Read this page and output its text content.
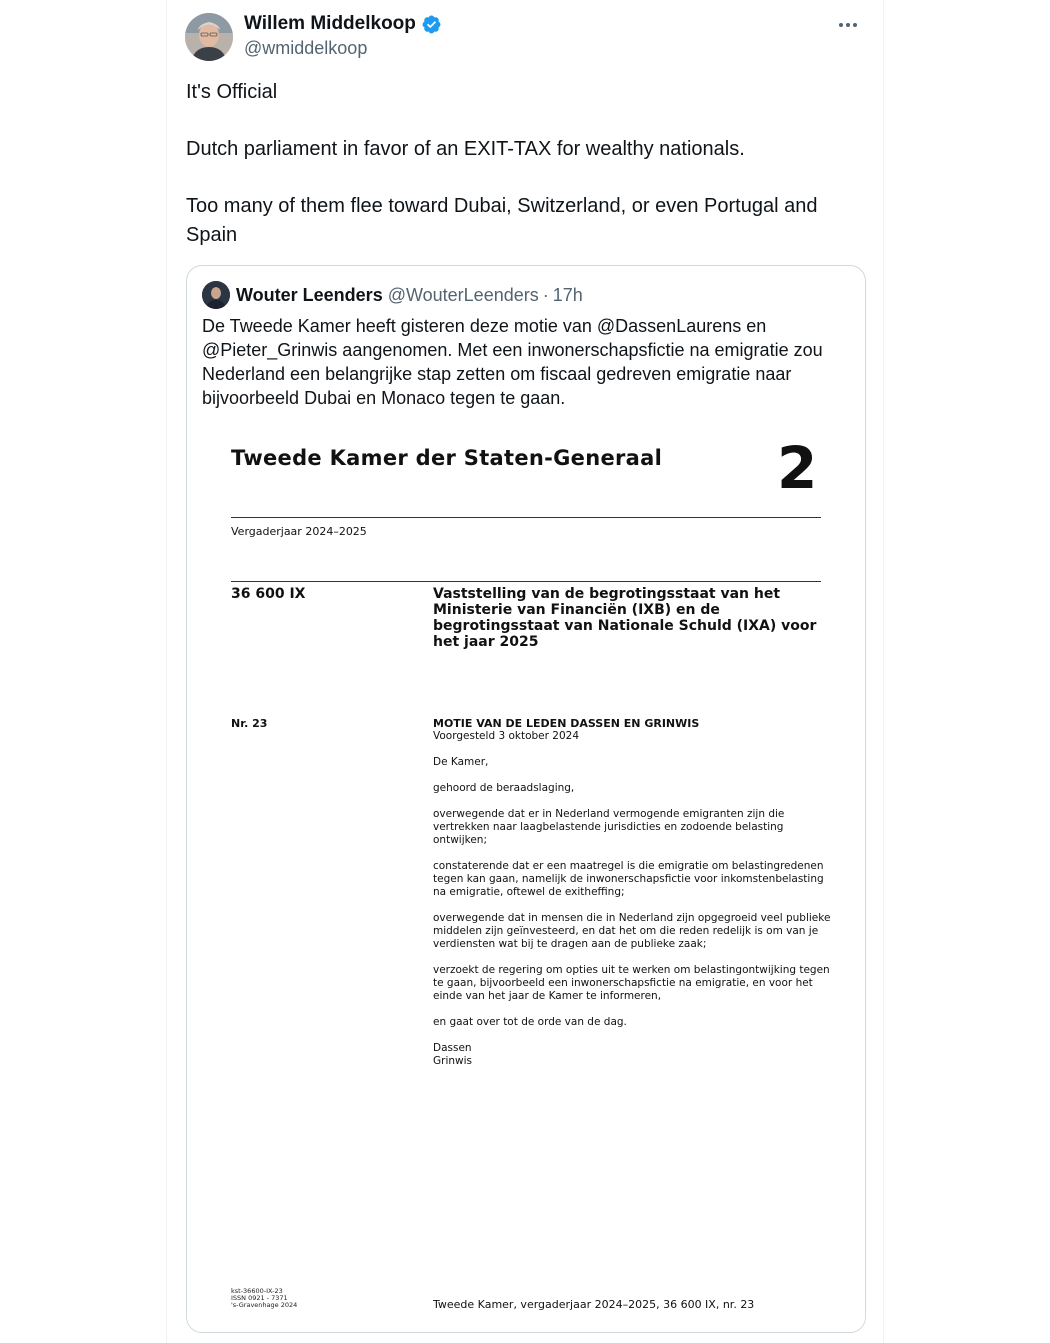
Willem Middelkoop
@wmiddelkoop

It's Official

Dutch parliament in favor of an EXIT-TAX for wealthy nationals.

Too many of them flee toward Dubai, Switzerland, or even Portugal and Spain

Wouter Leenders @WouterLeenders · 17h
De Tweede Kamer heeft gisteren deze motie van @DassenLaurens en @Pieter_Grinwis aangenomen. Met een inwonerschapsfictie na emigratie zou Nederland een belangrijke stap zetten om fiscaal gedreven emigratie naar bijvoorbeeld Dubai en Monaco tegen te gaan.
Tweede Kamer der Staten-Generaal 2
Vergaderjaar 2024–2025
36 600 IX	Vaststelling van de begrotingsstaat van het Ministerie van Financiën (IXB) en de begrotingsstaat van Nationale Schuld (IXA) voor het jaar 2025
Nr. 23	MOTIE VAN DE LEDEN DASSEN EN GRINWIS

Voorgesteld 3 oktober 2024

De Kamer,

gehoord de beraadslaging,

overwegende dat er in Nederland vermogende emigranten zijn die vertrekken naar laagbelastende jurisdicties en zodoende belasting ontwijken;

constaterende dat er een maatregel is die emigratie om belastingredenen tegen kan gaan, namelijk de inwonerschapsfictie voor inkomstenbelasting na emigratie, oftewel de exitheffing;

overwegende dat in mensen die in Nederland zijn opgegroeid veel publieke middelen zijn geïnvesteerd, en dat het om die reden redelijk is om van je verdiensten wat bij te dragen aan de publieke zaak;

verzoekt de regering om opties uit te werken om belastingontwijking tegen te gaan, bijvoorbeeld een inwonerschapsfictie na emigratie, en voor het einde van het jaar de Kamer te informeren,

en gaat over tot de orde van de dag.

Dassen

Grinwis

kst-36600-IX-23
ISSN 0921 - 7371
's-Gravenhage 2024	Tweede Kamer, vergaderjaar 2024–2025, 36 600 IX, nr. 23
